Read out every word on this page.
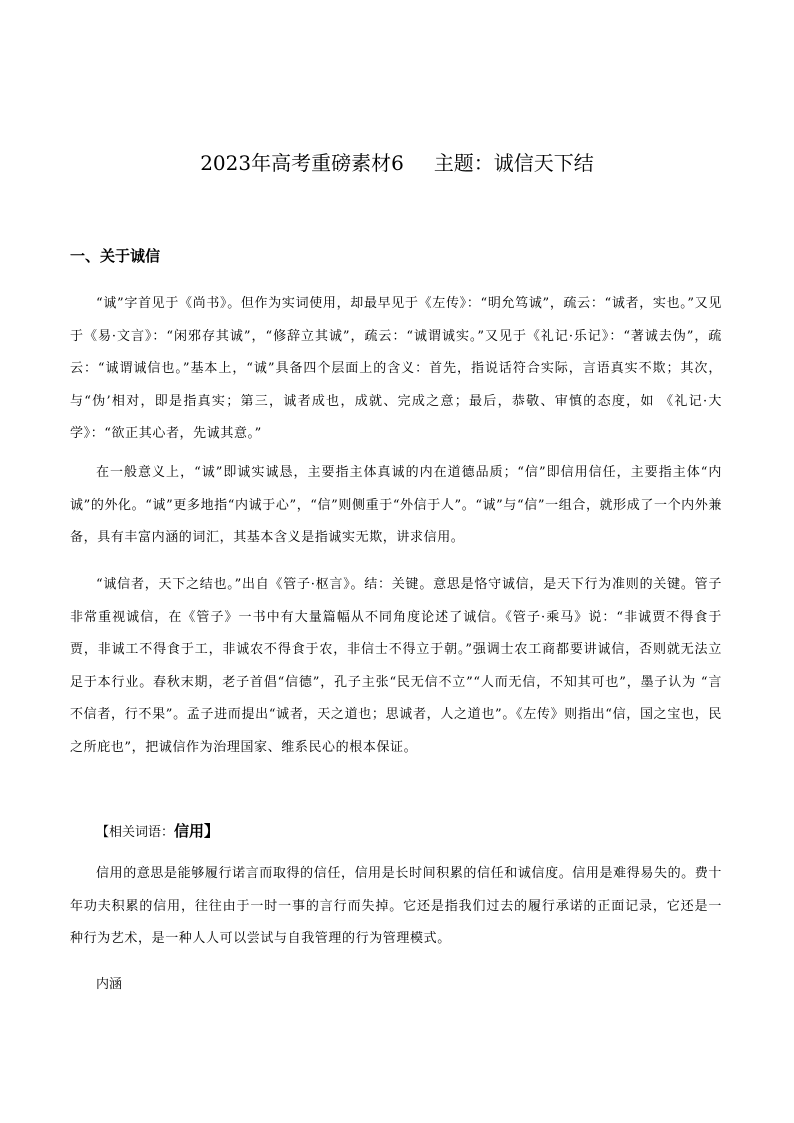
2023年高考重磅素材6 主题：诚信天下结
一、关于诚信

“诚”字首见于《尚书》。但作为实词使用，却最早见于《左传》：“明允笃诚”，疏云：“诚者，实也。”又见于《易·文言》：“闲邪存其诚”，“修辞立其诚”，疏云：“诚谓诚实。”又见于《礼记·乐记》：“著诚去伪”，疏云：“诚谓诚信也。”基本上，“诚”具备四个层面上的含义：首先，指说话符合实际，言语真实不欺；其次，与“伪’相对，即是指真实；第三，诚者成也，成就、完成之意；最后，恭敬、审慎的态度，如 《礼记·大学》：“欲正其心者，先诚其意。”

在一般意义上，“诚”即诚实诚恳，主要指主体真诚的内在道德品质；“信”即信用信任，主要指主体“内诚”的外化。“诚”更多地指“内诚于心”，“信”则侧重于“外信于人”。“诚”与“信”一组合，就形成了一个内外兼备，具有丰富内涵的词汇，其基本含义是指诚实无欺，讲求信用。

“诚信者，天下之结也。”出自《管子·枢言》。结：关键。意思是恪守诚信，是天下行为准则的关键。管子非常重视诚信，在《管子》一书中有大量篇幅从不同角度论述了诚信。《管子·乘马》说：“非诚贾不得食于贾，非诚工不得食于工，非诚农不得食于农，非信士不得立于朝。”强调士农工商都要讲诚信，否则就无法立足于本行业。春秋末期，老子首倡“信德”，孔子主张“民无信不立”“人而无信，不知其可也”，墨子认为 “言不信者，行不果”。孟子进而提出“诚者，天之道也；思诚者，人之道也”。《左传》则指出“信，国之宝也，民之所庇也”，把诚信作为治理国家、维系民心的根本保证。

【相关词语：信用】

信用的意思是能够履行诺言而取得的信任，信用是长时间积累的信任和诚信度。信用是难得易失的。费十年功夫积累的信用，往往由于一时一事的言行而失掉。它还是指我们过去的履行承诺的正面记录，它还是一种行为艺术，是一种人人可以尝试与自我管理的行为管理模式。

内涵
